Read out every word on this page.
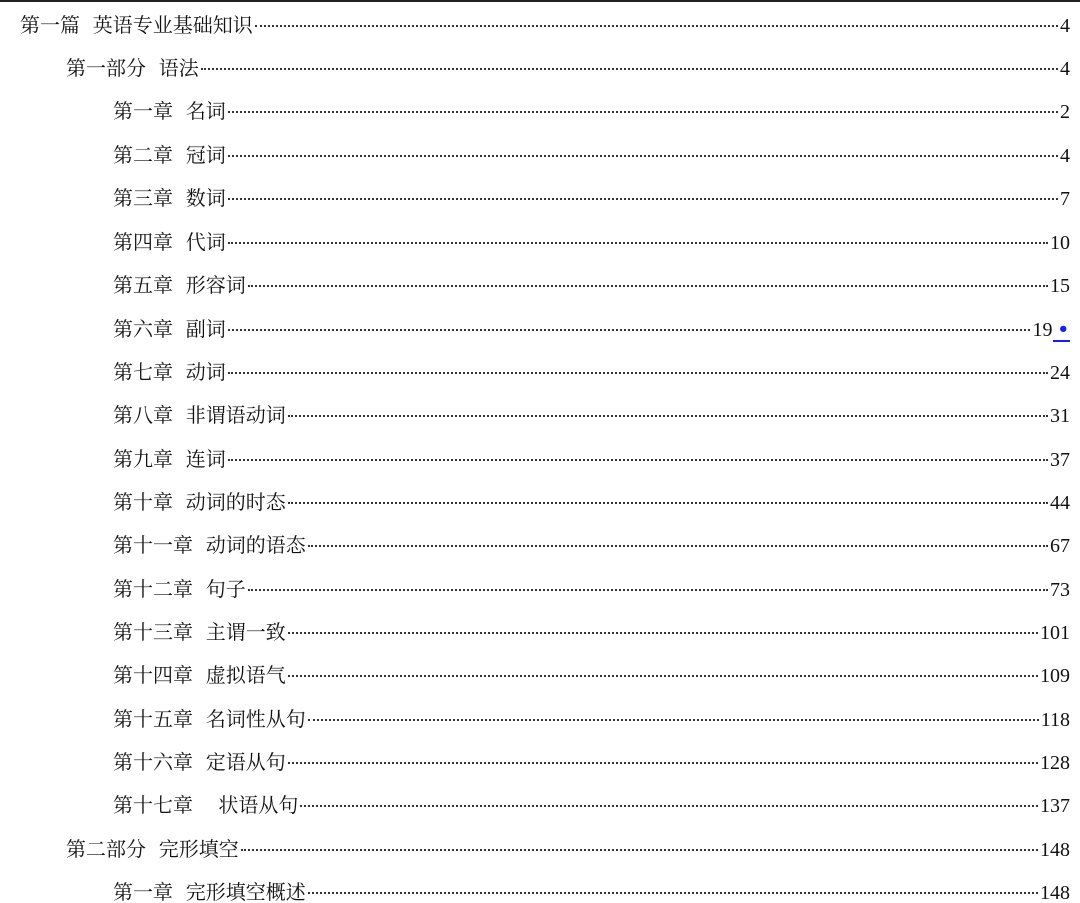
第一篇  英语专业基础知识	4
第一部分  语法	4
第一章  名词	2
第二章  冠词	4
第三章  数词	7
第四章  代词	10
第五章  形容词	15
第六章  副词	19 •
第七章  动词	24
第八章  非谓语动词	31
第九章  连词	37
第十章  动词的时态	44
第十一章  动词的语态	67
第十二章  句子	73
第十三章  主谓一致	101
第十四章  虚拟语气	109
第十五章  名词性从句	118
第十六章  定语从句	128
第十七章    状语从句	137
第二部分  完形填空	148
第一章  完形填空概述	148
